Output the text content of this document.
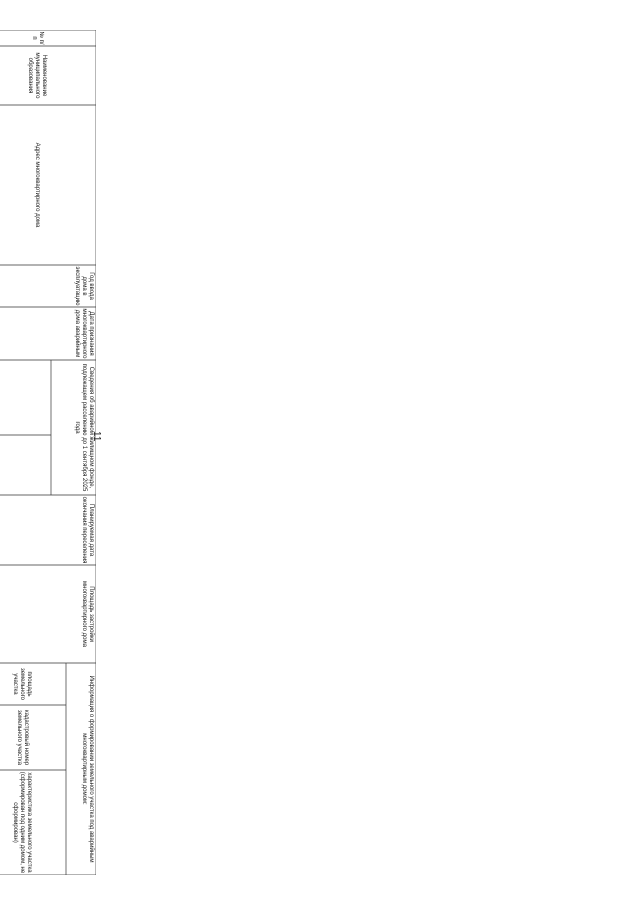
11
№ п/п
Наименование муниципального образования
Адрес многоквартирного дома
Год ввода дома в эксплуатацию
Дата признания многоквартирного дома аварийным
Сведения об аварийном жилищном фонде, подлежащем расселению до 1 сентября 2025 года
Планируемая дата окончания переселения
Площадь застройки многоквартирного дома
Информация о формировании земельного участка под аварийным многоквартирным домом:
площадь земельного участка
кадастровый номер земельного участка
характеристика земельного участка (сформирован под одним домом, не сформирован)
